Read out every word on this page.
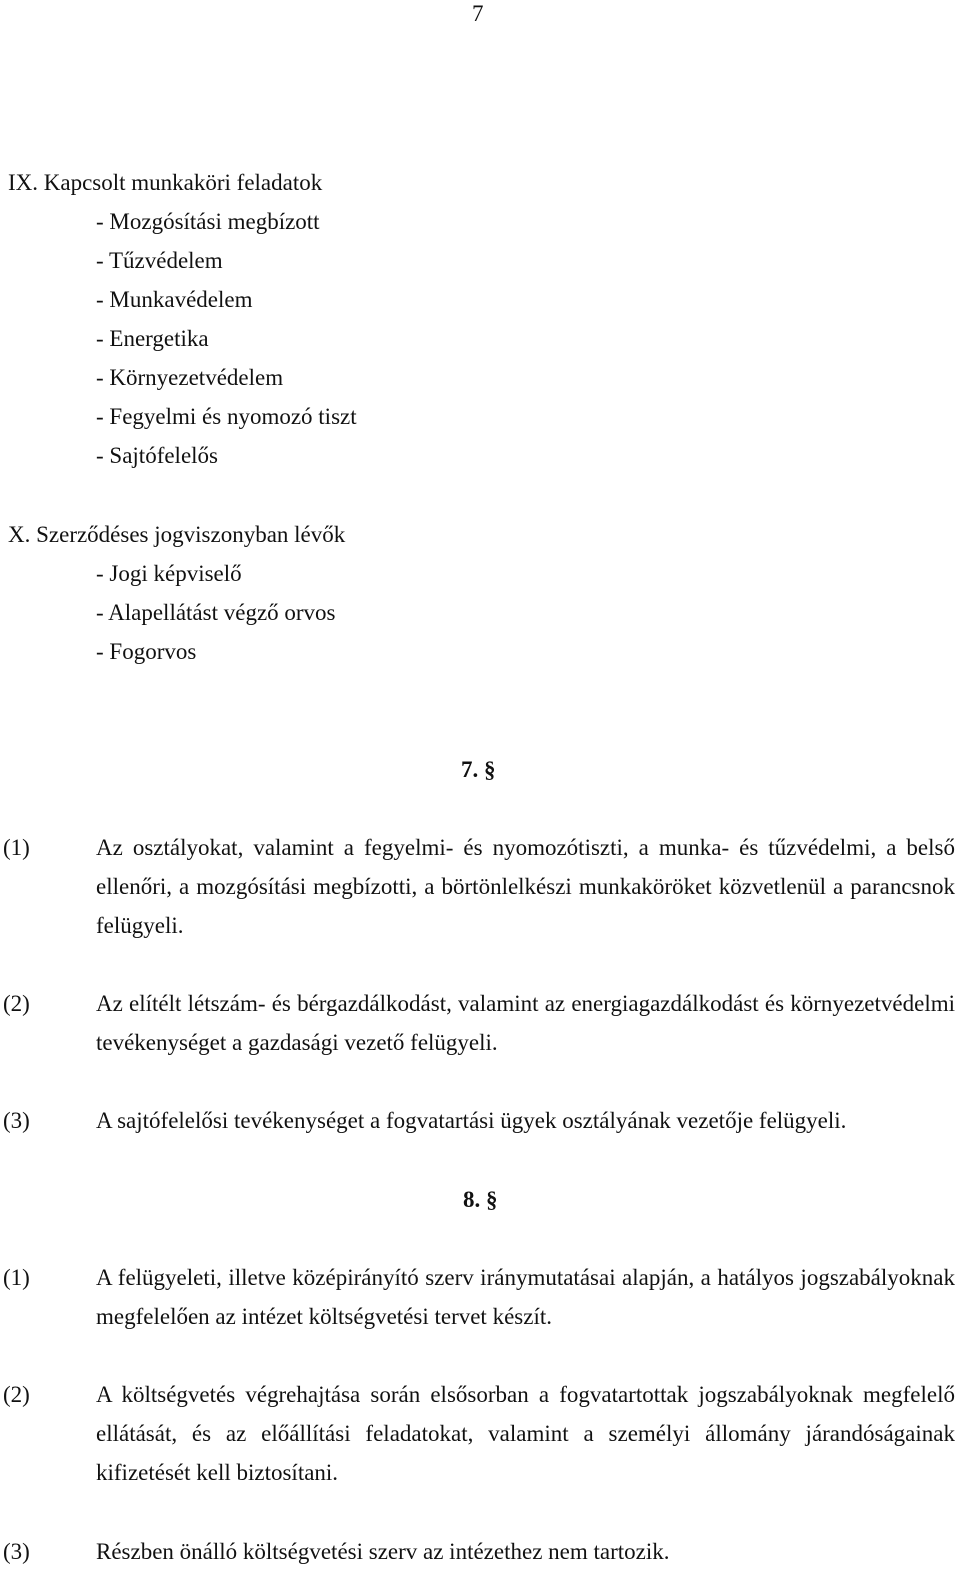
7
IX. Kapcsolt munkaköri feladatok
- Mozgósítási megbízott
- Tűzvédelem
- Munkavédelem
- Energetika
- Környezetvédelem
- Fegyelmi és nyomozó tiszt
- Sajtófelelős
X. Szerződéses jogviszonyban lévők
- Jogi képviselő
- Alapellátást végző orvos
- Fogorvos
7. §
(1)	Az osztályokat, valamint a fegyelmi- és nyomozótiszti, a munka- és tűzvédelmi, a belső ellenőri, a mozgósítási megbízotti, a börtönlelkészi munkaköröket közvetlenül a parancsnok felügyeli.
(2)	Az elítélt létszám- és bérgazdálkodást, valamint az energiagazdálkodást és környezetvédelmi tevékenységet a gazdasági vezető felügyeli.
(3)	A sajtófelelősi tevékenységet a fogvatartási ügyek osztályának vezetője felügyeli.
8. §
(1)	A felügyeleti, illetve középirányító szerv iránymutatásai alapján, a hatályos jogszabályoknak megfelelően az intézet költségvetési tervet készít.
(2)	A költségvetés végrehajtása során elsősorban a fogvatartottak jogszabályoknak megfelelő ellátását, és az előállítási feladatokat, valamint a személyi állomány járandóságainak kifizetését kell biztosítani.
(3)	Részben önálló költségvetési szerv az intézethez nem tartozik.
